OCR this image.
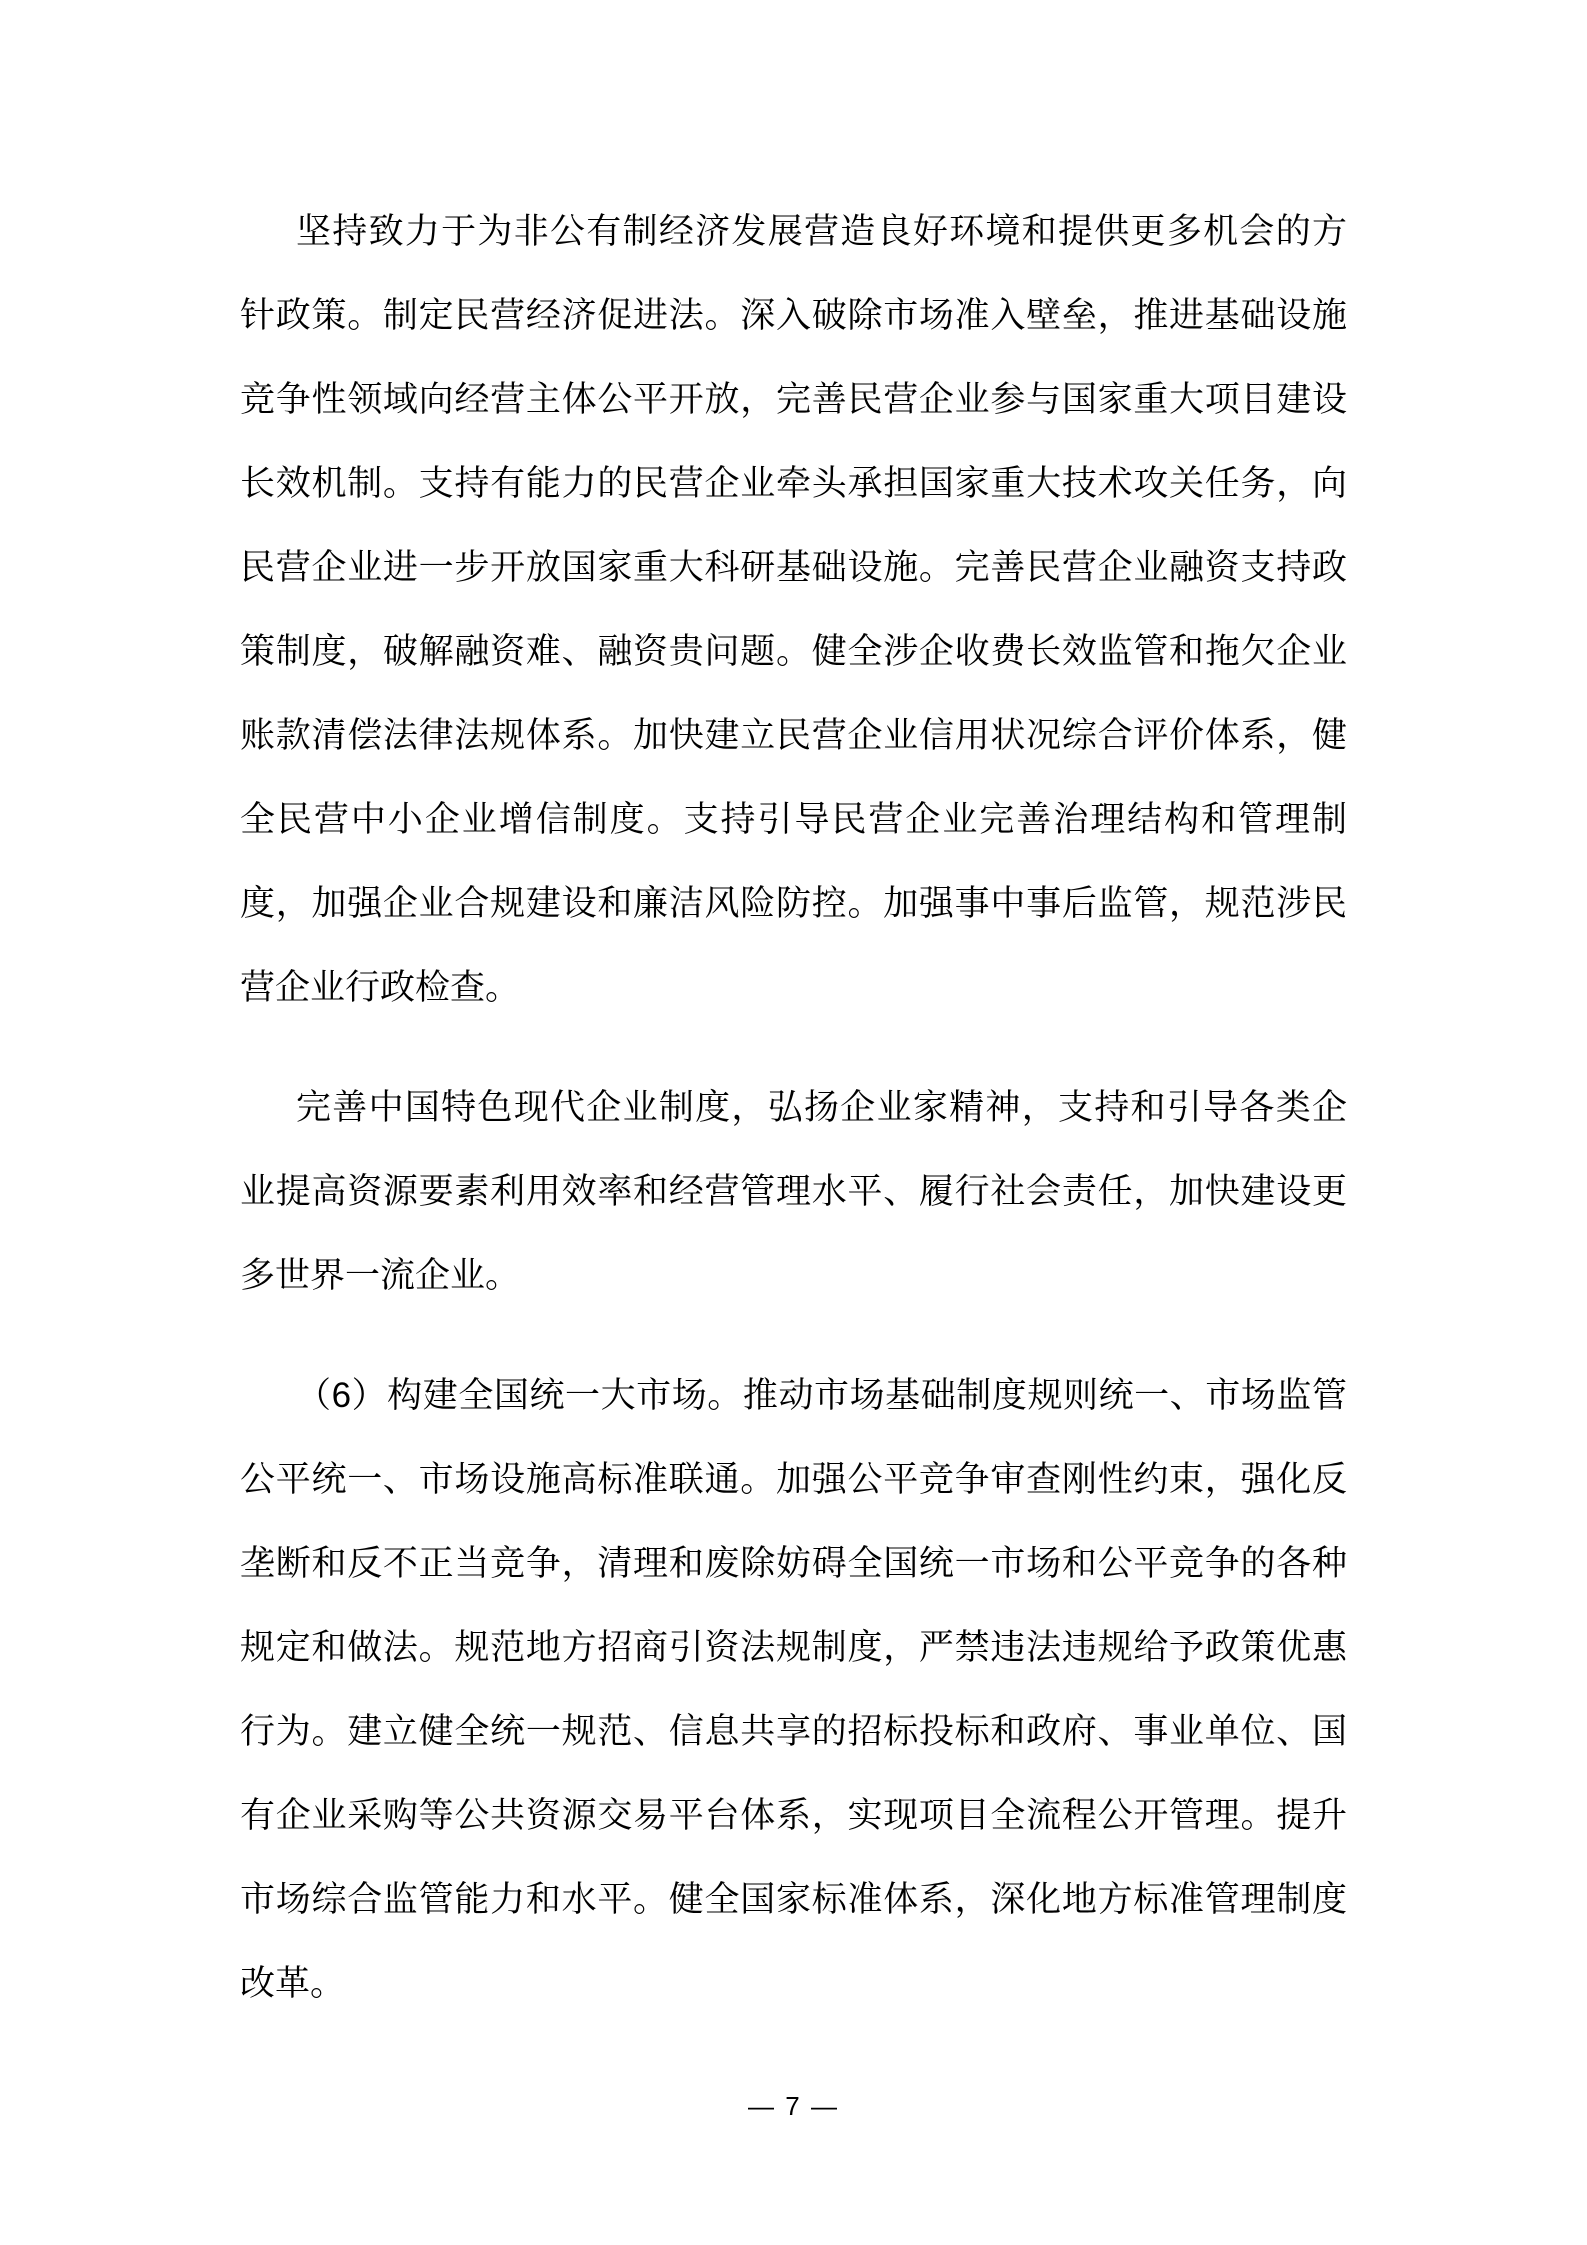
坚持致力于为非公有制经济发展营造良好环境和提供更多机会的方
针政策。制定民营经济促进法。深入破除市场准入壁垒，推进基础设施
竞争性领域向经营主体公平开放，完善民营企业参与国家重大项目建设
长效机制。支持有能力的民营企业牵头承担国家重大技术攻关任务，向
民营企业进一步开放国家重大科研基础设施。完善民营企业融资支持政
策制度，破解融资难、融资贵问题。健全涉企收费长效监管和拖欠企业
账款清偿法律法规体系。加快建立民营企业信用状况综合评价体系，健
全民营中小企业增信制度。支持引导民营企业完善治理结构和管理制
度，加强企业合规建设和廉洁风险防控。加强事中事后监管，规范涉民
营企业行政检查。
完善中国特色现代企业制度，弘扬企业家精神，支持和引导各类企
业提高资源要素利用效率和经营管理水平、履行社会责任，加快建设更
多世界一流企业。
（6）构建全国统一大市场。推动市场基础制度规则统一、市场监管
公平统一、市场设施高标准联通。加强公平竞争审查刚性约束，强化反
垄断和反不正当竞争，清理和废除妨碍全国统一市场和公平竞争的各种
规定和做法。规范地方招商引资法规制度，严禁违法违规给予政策优惠
行为。建立健全统一规范、信息共享的招标投标和政府、事业单位、国
有企业采购等公共资源交易平台体系，实现项目全流程公开管理。提升
市场综合监管能力和水平。健全国家标准体系，深化地方标准管理制度
改革。
— 7 —
